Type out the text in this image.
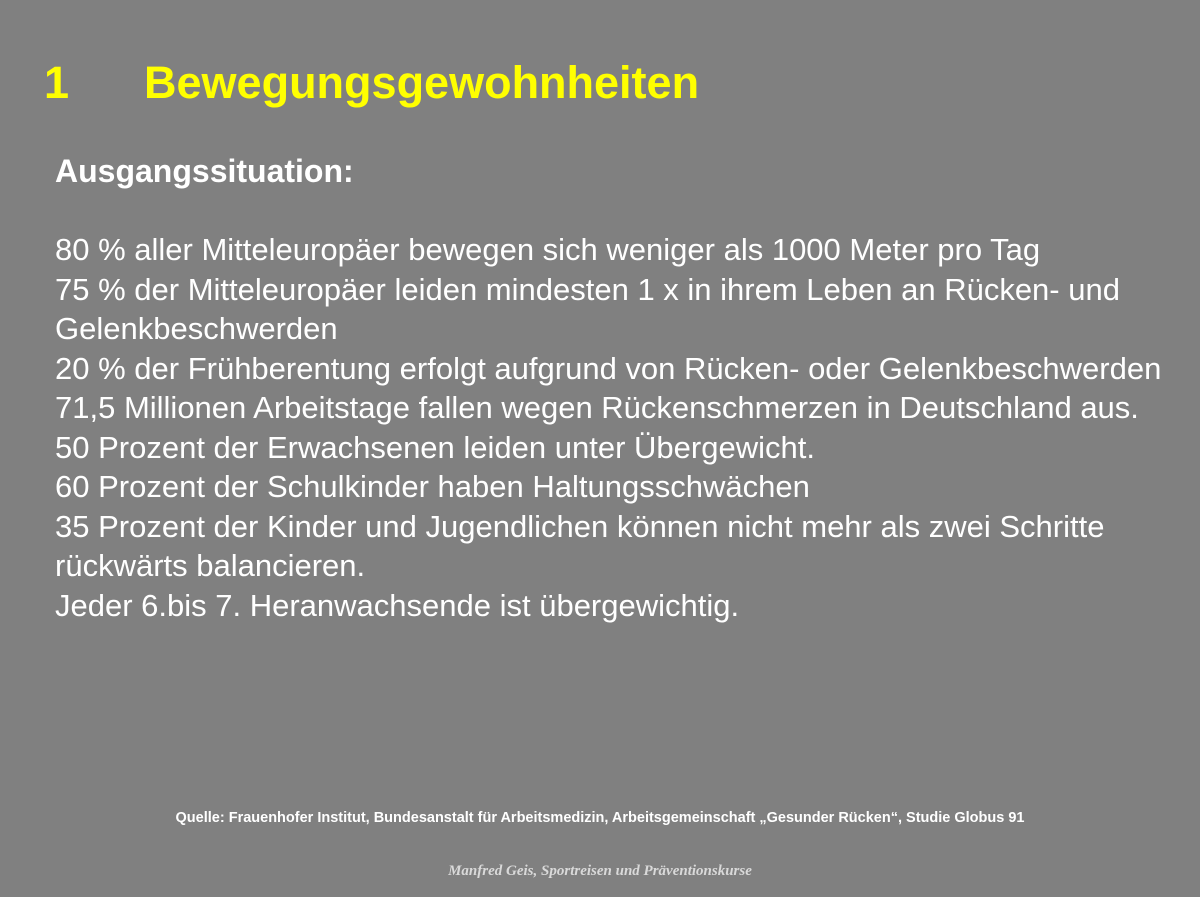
1	Bewegungsgewohnheiten
Ausgangssituation:

80 % aller Mitteleuropäer bewegen sich weniger als 1000 Meter pro Tag

75 % der Mitteleuropäer leiden mindesten 1 x in ihrem Leben an Rücken- und Gelenkbeschwerden

20 % der Frühberentung erfolgt aufgrund von Rücken- oder Gelenkbeschwerden

71,5 Millionen Arbeitstage fallen wegen Rückenschmerzen in Deutschland aus.

50 Prozent der Erwachsenen leiden unter Übergewicht.

60 Prozent der Schulkinder haben Haltungsschwächen

35 Prozent der Kinder und Jugendlichen können nicht mehr als zwei Schritte rückwärts balancieren.

Jeder 6.bis 7. Heranwachsende ist übergewichtig.

Quelle: Frauenhofer Institut, Bundesanstalt für Arbeitsmedizin, Arbeitsgemeinschaft „Gesunder Rücken“, Studie Globus 91
Manfred Geis, Sportreisen und Präventionskurse
